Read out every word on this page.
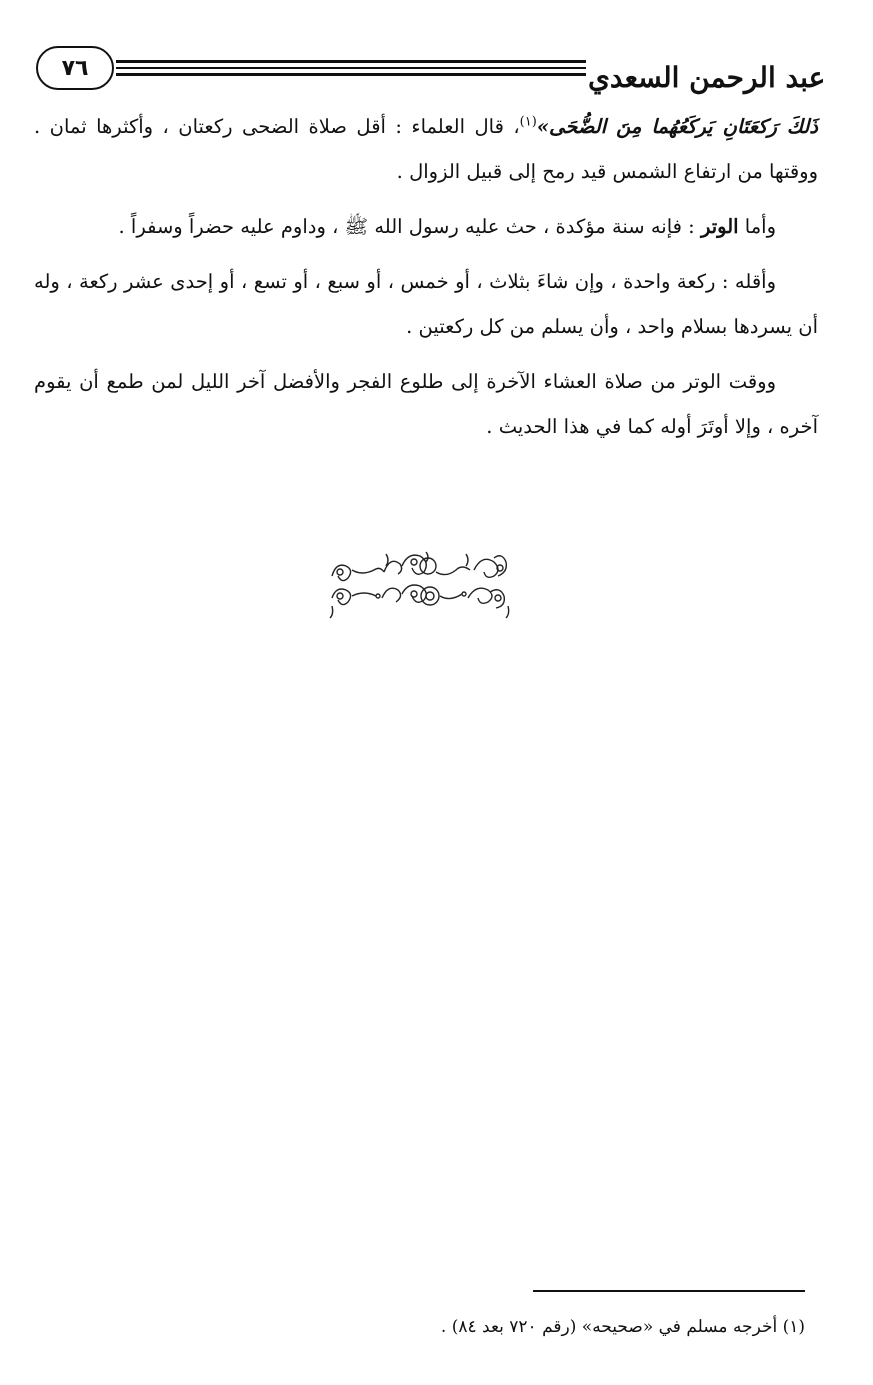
٧٦	عبد الرحمن السعدي

ذَلكَ رَكعَتَانِ يَركَعُهُما مِنَ الضُّحَى»$^{(١)}$، قال العلماء : أقل صلاة الضحى ركعتان ، وأكثرها ثمان . ووقتها من ارتفاع الشمس قيد رمح إلى قبيل الزوال .

وأما الوتر : فإنه سنة مؤكدة ، حث عليه رسول الله ﷺ ، وداوم عليه حضراً وسفراً .

وأقله : ركعة واحدة ، وإن شاءَ بثلاث ، أو خمس ، أو سبع ، أو تسع ، أو إحدى عشر ركعة ، وله أن يسردها بسلام واحد ، وأن يسلم من كل ركعتين .

ووقت الوتر من صلاة العشاء الآخرة إلى طلوع الفجر والأفضل آخر الليل لمن طمع أن يقوم آخره ، وإلا أوتَرَ أوله كما في هذا الحديث .

(١) أخرجه مسلم في «صحيحه» (رقم ٧٢٠ بعد ٨٤) .
